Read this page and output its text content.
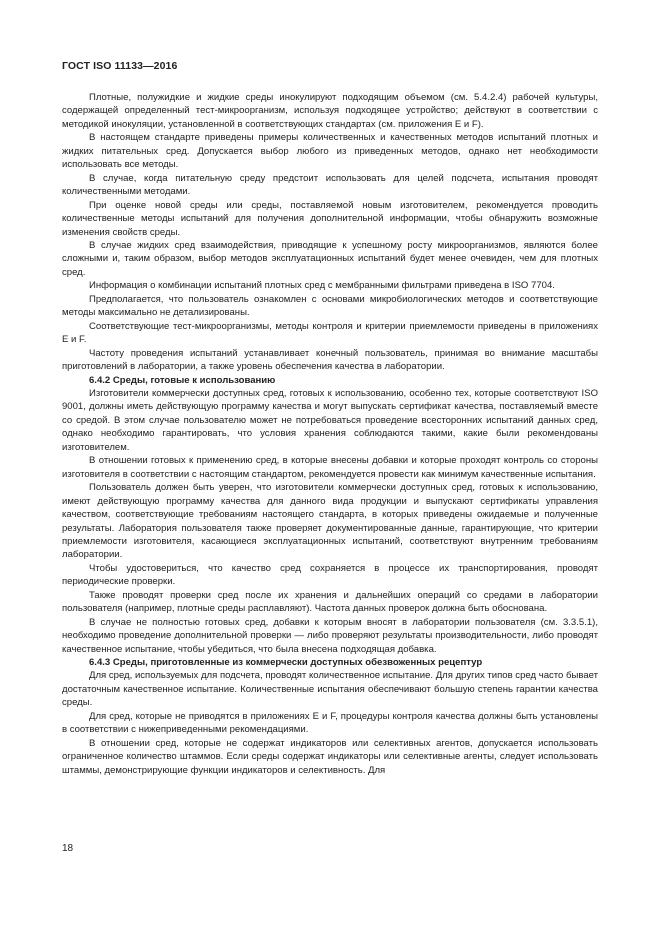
ГОСТ ISO 11133—2016

Плотные, полужидкие и жидкие среды инокулируют подходящим объемом (см. 5.4.2.4) рабочей культуры, содержащей определенный тест-микроорганизм, используя подходящее устройство; действуют в соответствии с методикой инокуляции, установленной в соответствующих стандартах (см. приложения Е и F).

В настоящем стандарте приведены примеры количественных и качественных методов испытаний плотных и жидких питательных сред. Допускается выбор любого из приведенных методов, однако нет необходимости использовать все методы.

В случае, когда питательную среду предстоит использовать для целей подсчета, испытания проводят количественными методами.

При оценке новой среды или среды, поставляемой новым изготовителем, рекомендуется проводить количественные методы испытаний для получения дополнительной информации, чтобы обнаружить возможные изменения свойств среды.

В случае жидких сред взаимодействия, приводящие к успешному росту микроорганизмов, являются более сложными и, таким образом, выбор методов эксплуатационных испытаний будет менее очевиден, чем для плотных сред.

Информация о комбинации испытаний плотных сред с мембранными фильтрами приведена в ISO 7704.

Предполагается, что пользователь ознакомлен с основами микробиологических методов и соответствующие методы максимально не детализированы.

Соответствующие тест-микроорганизмы, методы контроля и критерии приемлемости приведены в приложениях Е и F.

Частоту проведения испытаний устанавливает конечный пользователь, принимая во внимание масштабы приготовлений в лаборатории, а также уровень обеспечения качества в лаборатории.

6.4.2 Среды, готовые к использованию

Изготовители коммерчески доступных сред, готовых к использованию, особенно тех, которые соответствуют ISO 9001, должны иметь действующую программу качества и могут выпускать сертификат качества, поставляемый вместе со средой. В этом случае пользователю может не потребоваться проведение всесторонних испытаний данных сред, однако необходимо гарантировать, что условия хранения соблюдаются такими, какие были рекомендованы изготовителем.

В отношении готовых к применению сред, в которые внесены добавки и которые проходят контроль со стороны изготовителя в соответствии с настоящим стандартом, рекомендуется провести как минимум качественные испытания.

Пользователь должен быть уверен, что изготовители коммерчески доступных сред, готовых к использованию, имеют действующую программу качества для данного вида продукции и выпускают сертификаты управления качеством, соответствующие требованиям настоящего стандарта, в которых приведены ожидаемые и полученные результаты. Лаборатория пользователя также проверяет документированные данные, гарантирующие, что критерии приемлемости изготовителя, касающиеся эксплуатационных испытаний, соответствуют внутренним требованиям лаборатории.

Чтобы удостовериться, что качество сред сохраняется в процессе их транспортирования, проводят периодические проверки.

Также проводят проверки сред после их хранения и дальнейших операций со средами в лаборатории пользователя (например, плотные среды расплавляют). Частота данных проверок должна быть обоснована.

В случае не полностью готовых сред, добавки к которым вносят в лаборатории пользователя (см. 3.3.5.1), необходимо проведение дополнительной проверки — либо проверяют результаты производительности, либо проводят качественное испытание, чтобы убедиться, что была внесена подходящая добавка.

6.4.3 Среды, приготовленные из коммерчески доступных обезвоженных рецептур

Для сред, используемых для подсчета, проводят количественное испытание. Для других типов сред часто бывает достаточным качественное испытание. Количественные испытания обеспечивают большую степень гарантии качества среды.

Для сред, которые не приводятся в приложениях Е и F, процедуры контроля качества должны быть установлены в соответствии с нижеприведенными рекомендациями.

В отношении сред, которые не содержат индикаторов или селективных агентов, допускается использовать ограниченное количество штаммов. Если среды содержат индикаторы или селективные агенты, следует использовать штаммы, демонстрирующие функции индикаторов и селективность. Для

18
